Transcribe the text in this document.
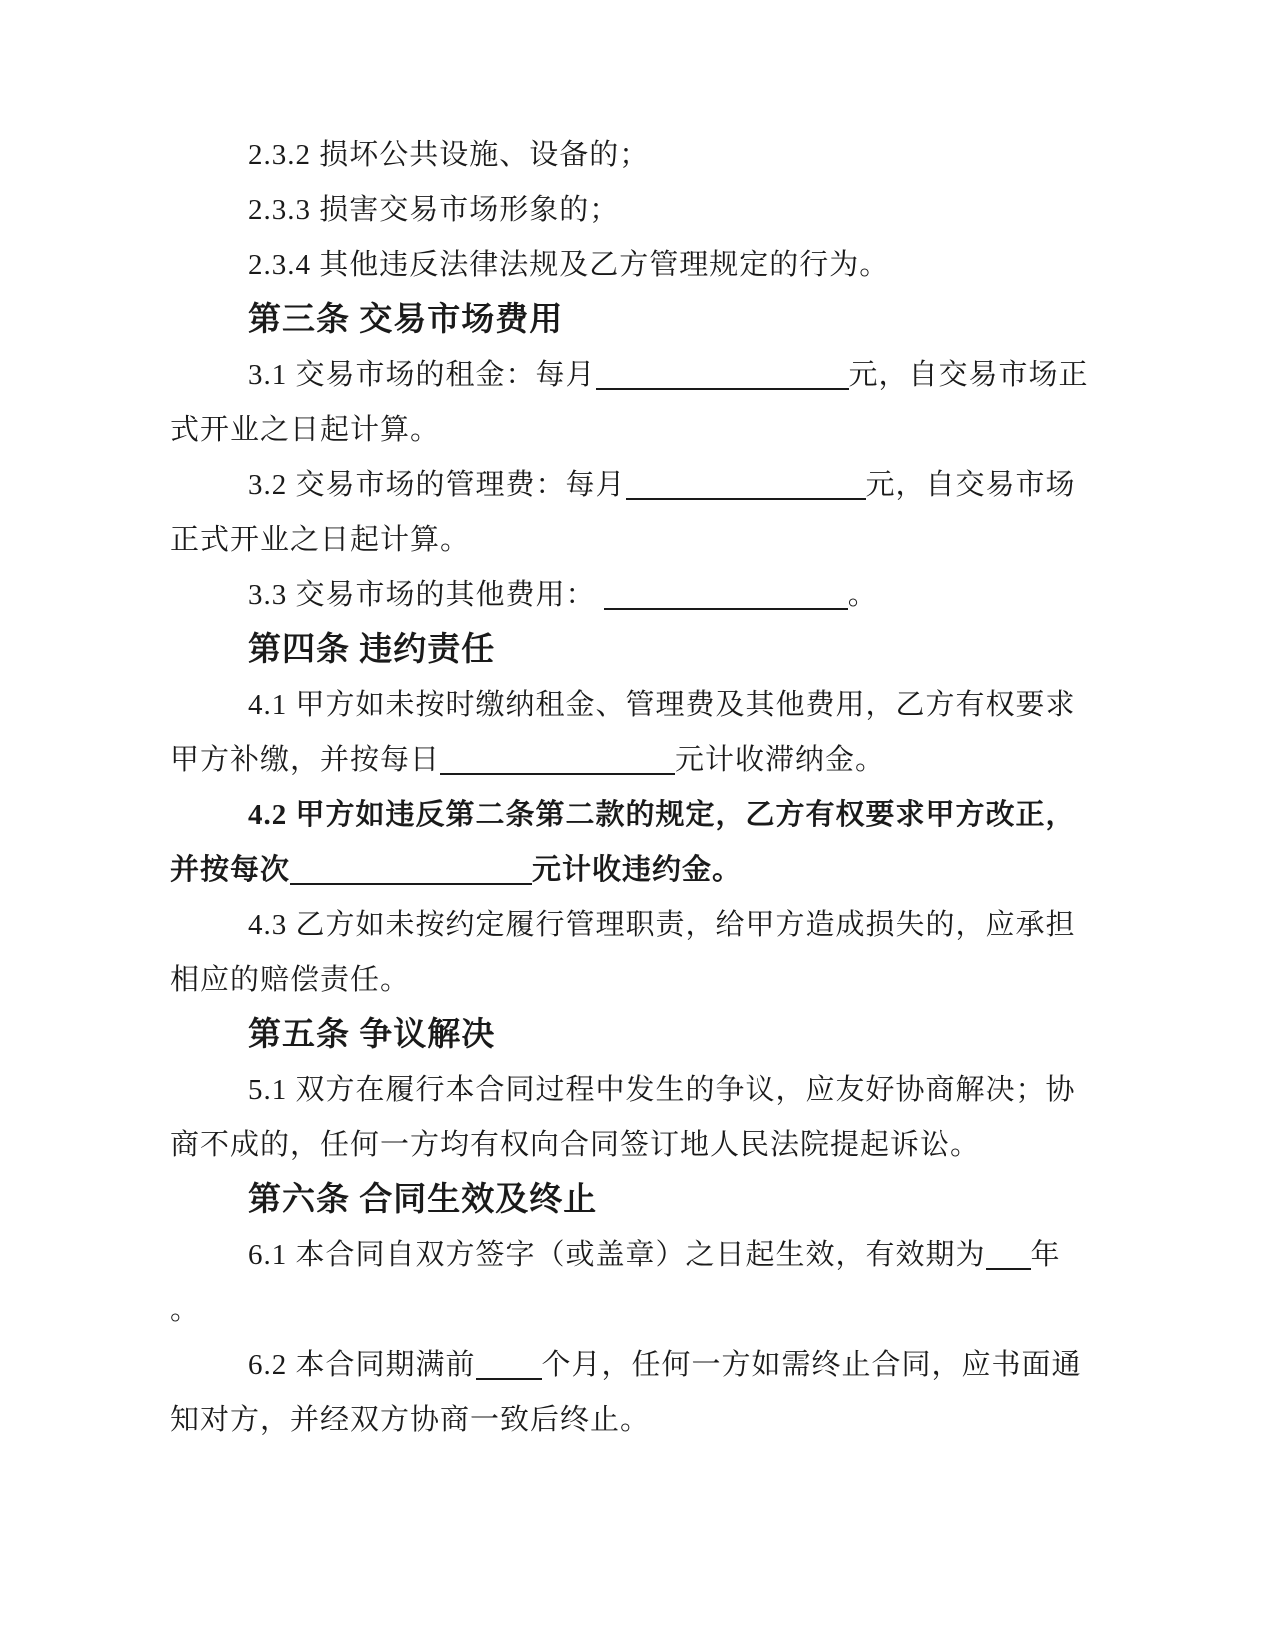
2.3.2 损坏公共设施、设备的；
2.3.3 损害交易市场形象的；
2.3.4 其他违反法律法规及乙方管理规定的行为。
第三条 交易市场费用
3.1 交易市场的租金：每月	元，自交易市场正
式开业之日起计算。
3.2 交易市场的管理费：每月	元，自交易市场
正式开业之日起计算。
3.3 交易市场的其他费用：	。
第四条 违约责任
4.1 甲方如未按时缴纳租金、管理费及其他费用，乙方有权要求
甲方补缴，并按每日	元计收滞纳金。
4.2 甲方如违反第二条第二款的规定，乙方有权要求甲方改正，
并按每次	元计收违约金。
4.3 乙方如未按约定履行管理职责，给甲方造成损失的，应承担
相应的赔偿责任。
第五条 争议解决
5.1 双方在履行本合同过程中发生的争议，应友好协商解决；协
商不成的，任何一方均有权向合同签订地人民法院提起诉讼。
第六条 合同生效及终止
6.1 本合同自双方签字（或盖章）之日起生效，有效期为 年
。
6.2 本合同期满前 个月，任何一方如需终止合同，应书面通
知对方，并经双方协商一致后终止。
